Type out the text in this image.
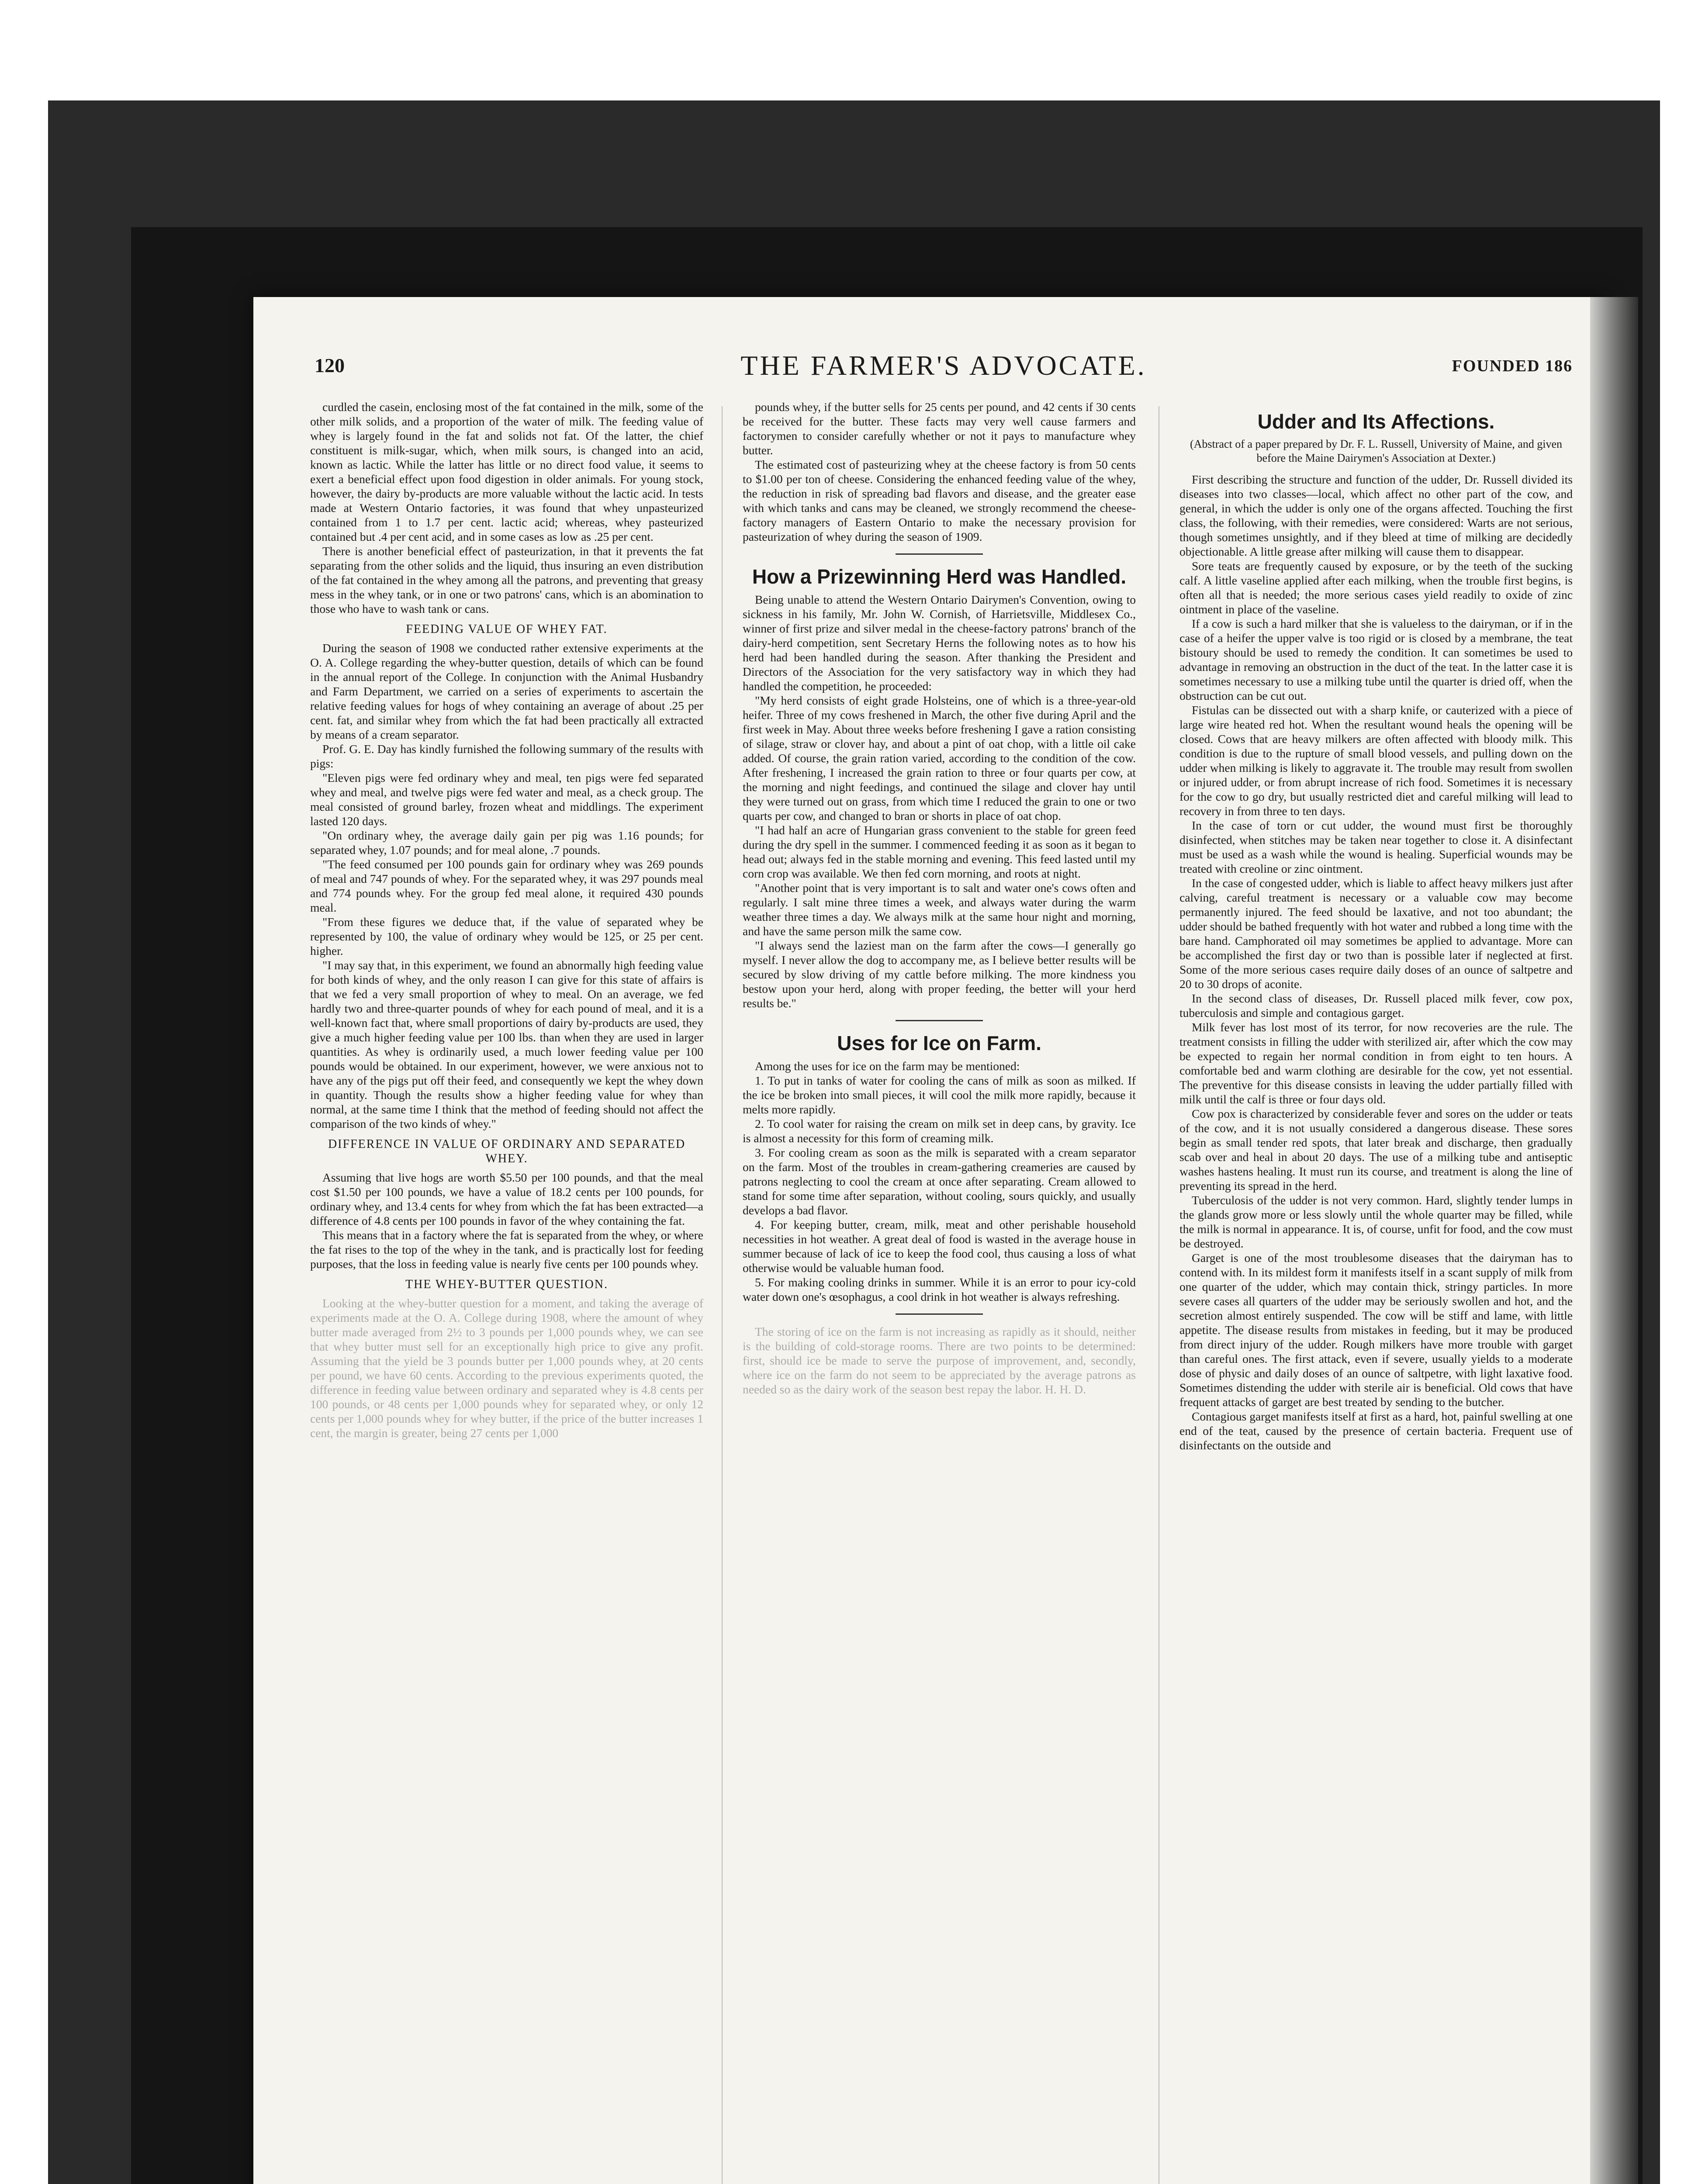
120	THE FARMER'S ADVOCATE.	FOUNDED 186

curdled the casein, enclosing most of the fat contained in the milk, some of the other milk solids, and a proportion of the water of milk. The feeding value of whey is largely found in the fat and solids not fat. Of the latter, the chief constituent is milk-sugar, which, when milk sours, is changed into an acid, known as lactic. While the latter has little or no direct food value, it seems to exert a beneficial effect upon food digestion in older animals. For young stock, however, the dairy by-products are more valuable without the lactic acid. In tests made at Western Ontario factories, it was found that whey unpasteurized contained from 1 to 1.7 per cent. lactic acid; whereas, whey pasteurized contained but .4 per cent acid, and in some cases as low as .25 per cent.

There is another beneficial effect of pasteurization, in that it prevents the fat separating from the other solids and the liquid, thus insuring an even distribution of the fat contained in the whey among all the patrons, and preventing that greasy mess in the whey tank, or in one or two patrons' cans, which is an abomination to those who have to wash tank or cans.

FEEDING VALUE OF WHEY FAT.

During the season of 1908 we conducted rather extensive experiments at the O. A. College regarding the whey-butter question, details of which can be found in the annual report of the College. In conjunction with the Animal Husbandry and Farm Department, we carried on a series of experiments to ascertain the relative feeding values for hogs of whey containing an average of about .25 per cent. fat, and similar whey from which the fat had been practically all extracted by means of a cream separator.

Prof. G. E. Day has kindly furnished the following summary of the results with pigs:

"Eleven pigs were fed ordinary whey and meal, ten pigs were fed separated whey and meal, and twelve pigs were fed water and meal, as a check group. The meal consisted of ground barley, frozen wheat and middlings. The experiment lasted 120 days.

"On ordinary whey, the average daily gain per pig was 1.16 pounds; for separated whey, 1.07 pounds; and for meal alone, .7 pounds.

"The feed consumed per 100 pounds gain for ordinary whey was 269 pounds of meal and 747 pounds of whey. For the separated whey, it was 297 pounds meal and 774 pounds whey. For the group fed meal alone, it required 430 pounds meal.

"From these figures we deduce that, if the value of separated whey be represented by 100, the value of ordinary whey would be 125, or 25 per cent. higher.

"I may say that, in this experiment, we found an abnormally high feeding value for both kinds of whey, and the only reason I can give for this state of affairs is that we fed a very small proportion of whey to meal. On an average, we fed hardly two and three-quarter pounds of whey for each pound of meal, and it is a well-known fact that, where small proportions of dairy by-products are used, they give a much higher feeding value per 100 lbs. than when they are used in larger quantities. As whey is ordinarily used, a much lower feeding value per 100 pounds would be obtained. In our experiment, however, we were anxious not to have any of the pigs put off their feed, and consequently we kept the whey down in quantity. Though the results show a higher feeding value for whey than normal, at the same time I think that the method of feeding should not affect the comparison of the two kinds of whey."

DIFFERENCE IN VALUE OF ORDINARY AND SEPARATED WHEY.

Assuming that live hogs are worth $5.50 per 100 pounds, and that the meal cost $1.50 per 100 pounds, we have a value of 18.2 cents per 100 pounds, for ordinary whey, and 13.4 cents for whey from which the fat has been extracted—a difference of 4.8 cents per 100 pounds in favor of the whey containing the fat.

This means that in a factory where the fat is separated from the whey, or where the fat rises to the top of the whey in the tank, and is practically lost for feeding purposes, that the loss in feeding value is nearly five cents per 100 pounds whey.

THE WHEY-BUTTER QUESTION.

Looking at the whey-butter question for a moment, and taking the average of experiments made at the O. A. College during 1908, where the amount of whey butter made averaged from 2½ to 3 pounds per 1,000 pounds whey, we can see that whey butter must sell for an exceptionally high price to give any profit. Assuming that the yield be 3 pounds butter per 1,000 pounds whey, at 20 cents per pound, we have 60 cents. According to the previous experiments quoted, the difference in feeding value between ordinary and separated whey is 4.8 cents per 100 pounds, or 48 cents per 1,000 pounds whey for separated whey, or only 12 cents per 1,000 pounds whey for whey butter, if the price of the butter increases 1 cent, the margin is greater, being 27 cents per 1,000

pounds whey, if the butter sells for 25 cents per pound, and 42 cents if 30 cents be received for the butter. These facts may very well cause farmers and factorymen to consider carefully whether or not it pays to manufacture whey butter.

The estimated cost of pasteurizing whey at the cheese factory is from 50 cents to $1.00 per ton of cheese. Considering the enhanced feeding value of the whey, the reduction in risk of spreading bad flavors and disease, and the greater ease with which tanks and cans may be cleaned, we strongly recommend the cheese-factory managers of Eastern Ontario to make the necessary provision for pasteurization of whey during the season of 1909.

How a Prizewinning Herd was Handled.

Being unable to attend the Western Ontario Dairymen's Convention, owing to sickness in his family, Mr. John W. Cornish, of Harrietsville, Middlesex Co., winner of first prize and silver medal in the cheese-factory patrons' branch of the dairy-herd competition, sent Secretary Herns the following notes as to how his herd had been handled during the season. After thanking the President and Directors of the Association for the very satisfactory way in which they had handled the competition, he proceeded:

"My herd consists of eight grade Holsteins, one of which is a three-year-old heifer. Three of my cows freshened in March, the other five during April and the first week in May. About three weeks before freshening I gave a ration consisting of silage, straw or clover hay, and about a pint of oat chop, with a little oil cake added. Of course, the grain ration varied, according to the condition of the cow. After freshening, I increased the grain ration to three or four quarts per cow, at the morning and night feedings, and continued the silage and clover hay until they were turned out on grass, from which time I reduced the grain to one or two quarts per cow, and changed to bran or shorts in place of oat chop.

"I had half an acre of Hungarian grass convenient to the stable for green feed during the dry spell in the summer. I commenced feeding it as soon as it began to head out; always fed in the stable morning and evening. This feed lasted until my corn crop was available. We then fed corn morning, and roots at night.

"Another point that is very important is to salt and water one's cows often and regularly. I salt mine three times a week, and always water during the warm weather three times a day. We always milk at the same hour night and morning, and have the same person milk the same cow.

"I always send the laziest man on the farm after the cows—I generally go myself. I never allow the dog to accompany me, as I believe better results will be secured by slow driving of my cattle before milking. The more kindness you bestow upon your herd, along with proper feeding, the better will your herd results be."

Uses for Ice on Farm.

Among the uses for ice on the farm may be mentioned:

1. To put in tanks of water for cooling the cans of milk as soon as milked. If the ice be broken into small pieces, it will cool the milk more rapidly, because it melts more rapidly.

2. To cool water for raising the cream on milk set in deep cans, by gravity. Ice is almost a necessity for this form of creaming milk.

3. For cooling cream as soon as the milk is separated with a cream separator on the farm. Most of the troubles in cream-gathering creameries are caused by patrons neglecting to cool the cream at once after separating. Cream allowed to stand for some time after separation, without cooling, sours quickly, and usually develops a bad flavor.

4. For keeping butter, cream, milk, meat and other perishable household necessities in hot weather. A great deal of food is wasted in the average house in summer because of lack of ice to keep the food cool, thus causing a loss of what otherwise would be valuable human food.

5. For making cooling drinks in summer. While it is an error to pour icy-cold water down one's œsophagus, a cool drink in hot weather is always refreshing.

The storing of ice on the farm is not increasing as rapidly as it should, neither is the building of cold-storage rooms. There are two points to be determined: first, should ice be made to serve the purpose of improvement, and, secondly, where ice on the farm do not seem to be appreciated by the average patrons as needed so as the dairy work of the season best repay the labor. H. H. D.

Udder and Its Affections.

(Abstract of a paper prepared by Dr. F. L. Russell, University of Maine, and given before the Maine Dairymen's Association at Dexter.)

First describing the structure and function of the udder, Dr. Russell divided its diseases into two classes—local, which affect no other part of the cow, and general, in which the udder is only one of the organs affected. Touching the first class, the following, with their remedies, were considered: Warts are not serious, though sometimes unsightly, and if they bleed at time of milking are decidedly objectionable. A little grease after milking will cause them to disappear.

Sore teats are frequently caused by exposure, or by the teeth of the sucking calf. A little vaseline applied after each milking, when the trouble first begins, is often all that is needed; the more serious cases yield readily to oxide of zinc ointment in place of the vaseline.

If a cow is such a hard milker that she is valueless to the dairyman, or if in the case of a heifer the upper valve is too rigid or is closed by a membrane, the teat bistoury should be used to remedy the condition. It can sometimes be used to advantage in removing an obstruction in the duct of the teat. In the latter case it is sometimes necessary to use a milking tube until the quarter is dried off, when the obstruction can be cut out.

Fistulas can be dissected out with a sharp knife, or cauterized with a piece of large wire heated red hot. When the resultant wound heals the opening will be closed. Cows that are heavy milkers are often affected with bloody milk. This condition is due to the rupture of small blood vessels, and pulling down on the udder when milking is likely to aggravate it. The trouble may result from swollen or injured udder, or from abrupt increase of rich food. Sometimes it is necessary for the cow to go dry, but usually restricted diet and careful milking will lead to recovery in from three to ten days.

In the case of torn or cut udder, the wound must first be thoroughly disinfected, when stitches may be taken near together to close it. A disinfectant must be used as a wash while the wound is healing. Superficial wounds may be treated with creoline or zinc ointment.

In the case of congested udder, which is liable to affect heavy milkers just after calving, careful treatment is necessary or a valuable cow may become permanently injured. The feed should be laxative, and not too abundant; the udder should be bathed frequently with hot water and rubbed a long time with the bare hand. Camphorated oil may sometimes be applied to advantage. More can be accomplished the first day or two than is possible later if neglected at first. Some of the more serious cases require daily doses of an ounce of saltpetre and 20 to 30 drops of aconite.

In the second class of diseases, Dr. Russell placed milk fever, cow pox, tuberculosis and simple and contagious garget.

Milk fever has lost most of its terror, for now recoveries are the rule. The treatment consists in filling the udder with sterilized air, after which the cow may be expected to regain her normal condition in from eight to ten hours. A comfortable bed and warm clothing are desirable for the cow, yet not essential. The preventive for this disease consists in leaving the udder partially filled with milk until the calf is three or four days old.

Cow pox is characterized by considerable fever and sores on the udder or teats of the cow, and it is not usually considered a dangerous disease. These sores begin as small tender red spots, that later break and discharge, then gradually scab over and heal in about 20 days. The use of a milking tube and antiseptic washes hastens healing. It must run its course, and treatment is along the line of preventing its spread in the herd.

Tuberculosis of the udder is not very common. Hard, slightly tender lumps in the glands grow more or less slowly until the whole quarter may be filled, while the milk is normal in appearance. It is, of course, unfit for food, and the cow must be destroyed.

Garget is one of the most troublesome diseases that the dairyman has to contend with. In its mildest form it manifests itself in a scant supply of milk from one quarter of the udder, which may contain thick, stringy particles. In more severe cases all quarters of the udder may be seriously swollen and hot, and the secretion almost entirely suspended. The cow will be stiff and lame, with little appetite. The disease results from mistakes in feeding, but it may be produced from direct injury of the udder. Rough milkers have more trouble with garget than careful ones. The first attack, even if severe, usually yields to a moderate dose of physic and daily doses of an ounce of saltpetre, with light laxative food. Sometimes distending the udder with sterile air is beneficial. Old cows that have frequent attacks of garget are best treated by sending to the butcher.

Contagious garget manifests itself at first as a hard, hot, painful swelling at one end of the teat, caused by the presence of certain bacteria. Frequent use of disinfectants on the outside and
